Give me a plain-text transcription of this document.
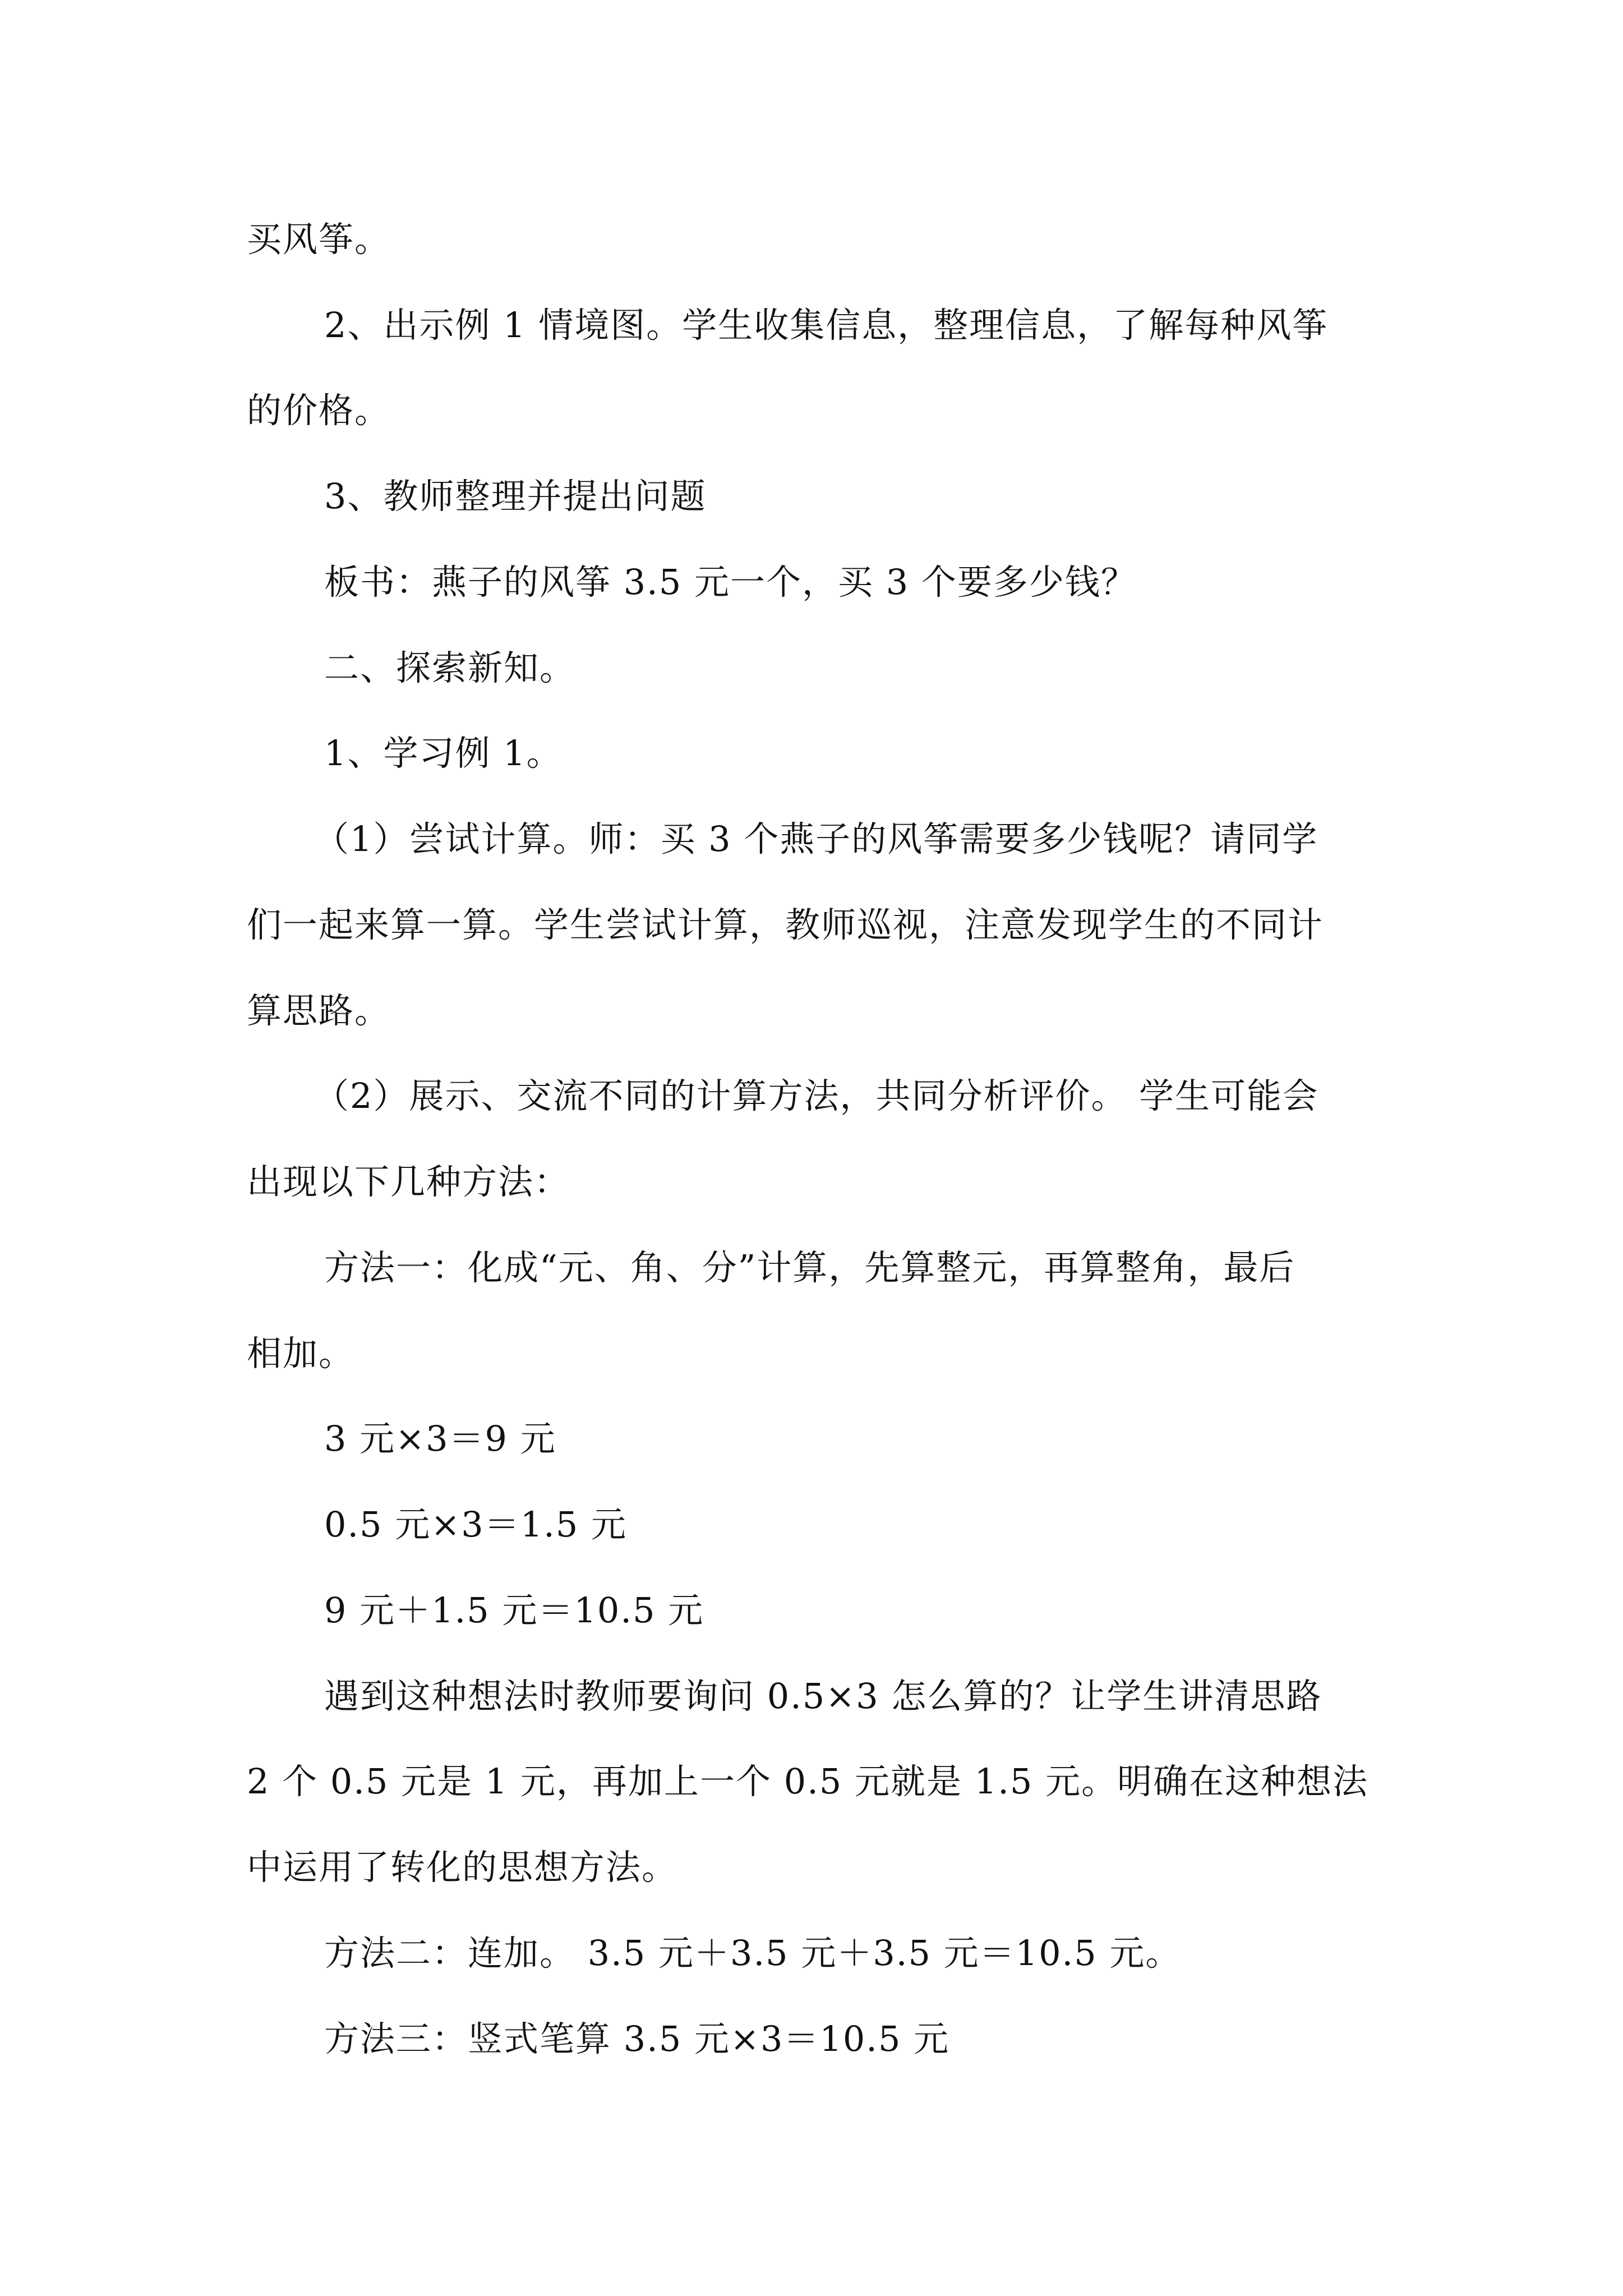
买风筝。
2、出示例 1 情境图。学生收集信息，整理信息，了解每种风筝
的价格。
3、教师整理并提出问题
板书：燕子的风筝 3.5 元一个，买 3 个要多少钱？
二、探索新知。
1、学习例 1。
（1）尝试计算。师：买 3 个燕子的风筝需要多少钱呢？请同学
们一起来算一算。学生尝试计算，教师巡视，注意发现学生的不同计
算思路。
（2）展示、交流不同的计算方法，共同分析评价。 学生可能会
出现以下几种方法：
方法一：化成“元、角、分”计算，先算整元，再算整角，最后
相加。
3 元×3＝9 元
0.5 元×3＝1.5 元
9 元＋1.5 元＝10.5 元
遇到这种想法时教师要询问 0.5×3 怎么算的？让学生讲清思路
2 个 0.5 元是 1 元，再加上一个 0.5 元就是 1.5 元。明确在这种想法
中运用了转化的思想方法。
方法二：连加。 3.5 元＋3.5 元＋3.5 元＝10.5 元。
方法三：竖式笔算 3.5 元×3＝10.5 元
